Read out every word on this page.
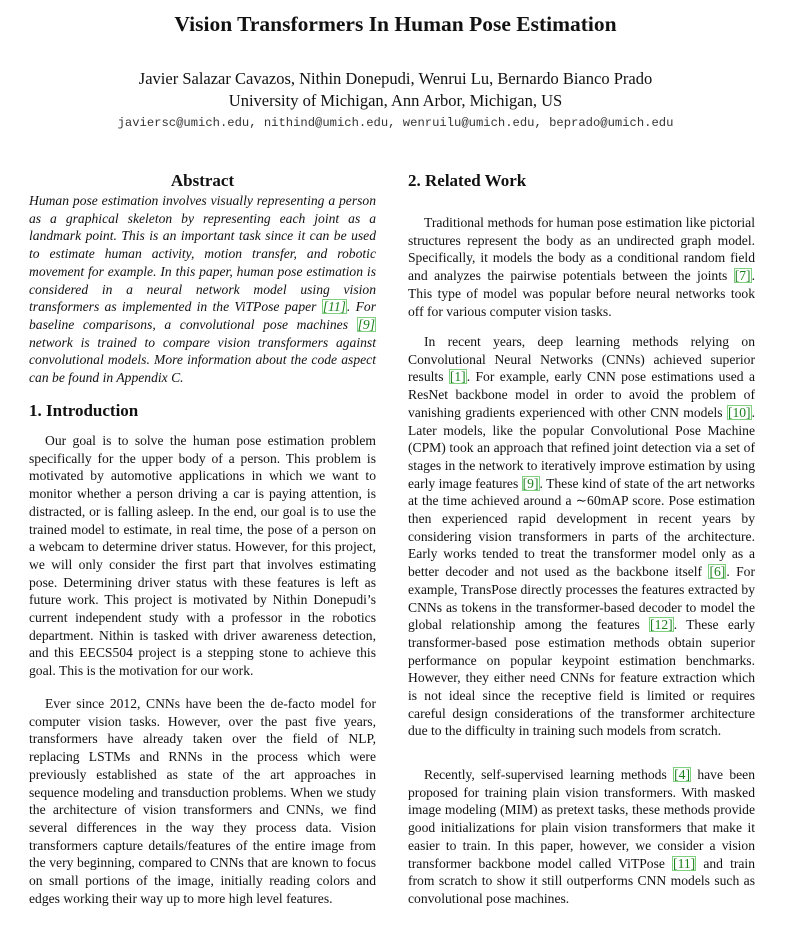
Vision Transformers In Human Pose Estimation
Javier Salazar Cavazos, Nithin Donepudi, Wenrui Lu, Bernardo Bianco Prado
University of Michigan, Ann Arbor, Michigan, US
javiersc@umich.edu, nithind@umich.edu, wenruilu@umich.edu, beprado@umich.edu
Abstract

Human pose estimation involves visually representing a person as a graphical skeleton by representing each joint as a landmark point. This is an important task since it can be used to estimate human activity, motion transfer, and robotic movement for example. In this paper, human pose estimation is considered in a neural network model using vision transformers as implemented in the ViTPose paper [11]. For baseline comparisons, a convolutional pose machines [9] network is trained to compare vision transformers against convolutional models. More information about the code aspect can be found in Appendix C.

1. Introduction

Our goal is to solve the human pose estimation problem specifically for the upper body of a person. This problem is motivated by automotive applications in which we want to monitor whether a person driving a car is paying attention, is distracted, or is falling asleep. In the end, our goal is to use the trained model to estimate, in real time, the pose of a person on a webcam to determine driver status. However, for this project, we will only consider the first part that involves estimating pose. Determining driver status with these features is left as future work. This project is motivated by Nithin Donepudi’s current independent study with a professor in the robotics department. Nithin is tasked with driver awareness detection, and this EECS504 project is a stepping stone to achieve this goal. This is the motivation for our work.

Ever since 2012, CNNs have been the de-facto model for computer vision tasks. However, over the past five years, transformers have already taken over the field of NLP, replacing LSTMs and RNNs in the process which were previously established as state of the art approaches in sequence modeling and transduction problems. When we study the architecture of vision transformers and CNNs, we find several differences in the way they process data. Vision transformers capture details/features of the entire image from the very beginning, compared to CNNs that are known to focus on small portions of the image, initially reading colors and edges working their way up to more high level features.

2. Related Work

Traditional methods for human pose estimation like pictorial structures represent the body as an undirected graph model. Specifically, it models the body as a conditional random field and analyzes the pairwise potentials between the joints [7]. This type of model was popular before neural networks took off for various computer vision tasks.

In recent years, deep learning methods relying on Convolutional Neural Networks (CNNs) achieved superior results [1]. For example, early CNN pose estimations used a ResNet backbone model in order to avoid the problem of vanishing gradients experienced with other CNN models [10]. Later models, like the popular Convolutional Pose Machine (CPM) took an approach that refined joint detection via a set of stages in the network to iteratively improve estimation by using early image features [9]. These kind of state of the art networks at the time achieved around a ∼60mAP score. Pose estimation then experienced rapid development in recent years by considering vision transformers in parts of the architecture. Early works tended to treat the transformer model only as a better decoder and not used as the backbone itself [6]. For example, TransPose directly processes the features extracted by CNNs as tokens in the transformer-based decoder to model the global relationship among the features [12]. These early transformer-based pose estimation methods obtain superior performance on popular keypoint estimation benchmarks. However, they either need CNNs for feature extraction which is not ideal since the receptive field is limited or requires careful design considerations of the transformer architecture due to the difficulty in training such models from scratch.

Recently, self-supervised learning methods [4] have been proposed for training plain vision transformers. With masked image modeling (MIM) as pretext tasks, these methods provide good initializations for plain vision transformers that make it easier to train. In this paper, however, we consider a vision transformer backbone model called ViTPose [11] and train from scratch to show it still outperforms CNN models such as convolutional pose machines.
